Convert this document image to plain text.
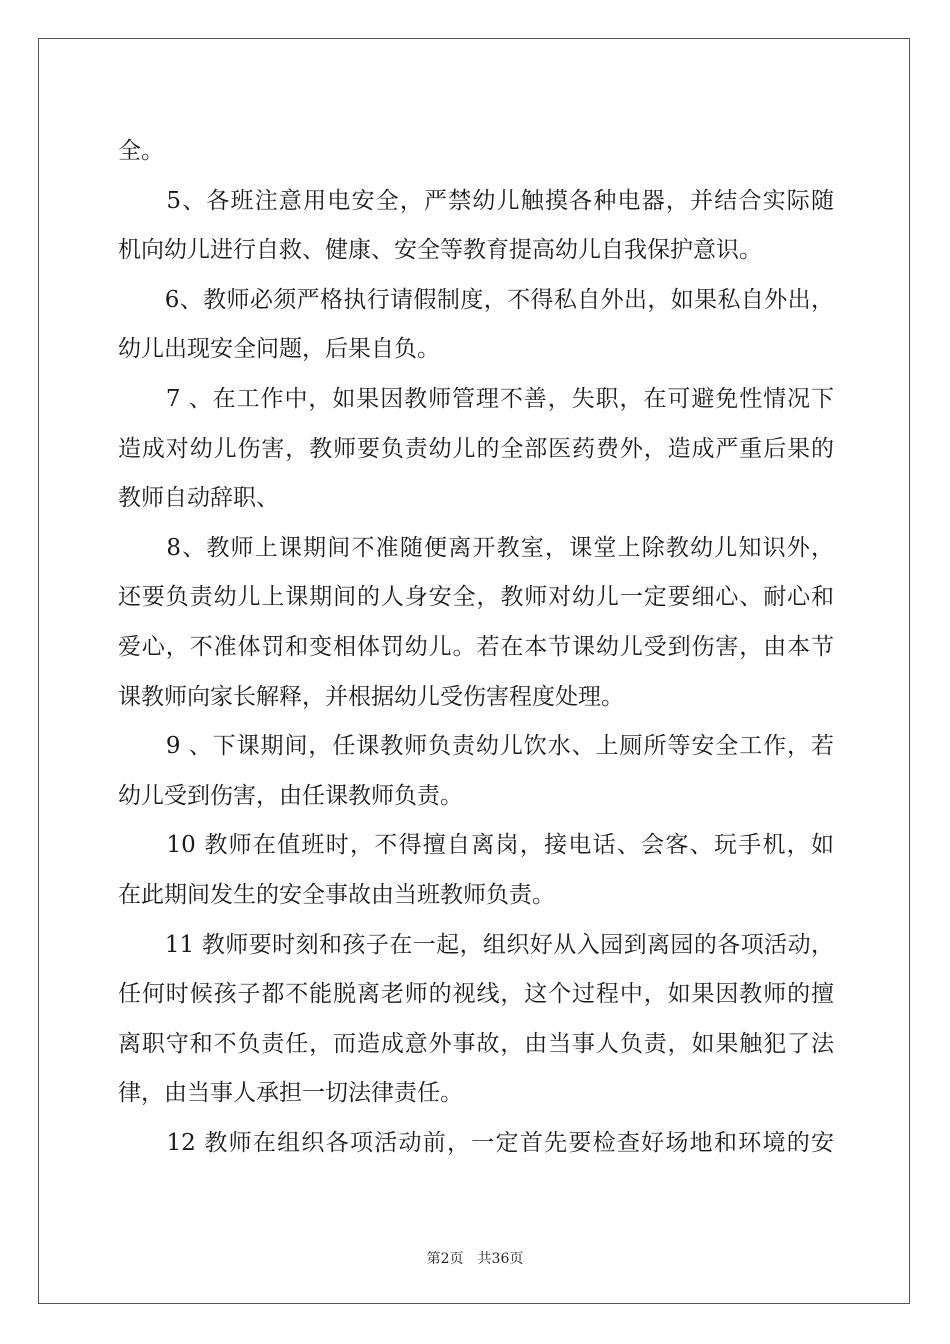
全。
　　5、各班注意用电安全，严禁幼儿触摸各种电器，并结合实际随
机向幼儿进行自救、健康、安全等教育提高幼儿自我保护意识。
　　6、教师必须严格执行请假制度，不得私自外出，如果私自外出，
幼儿出现安全问题，后果自负。
　　7 、在工作中，如果因教师管理不善，失职，在可避免性情况下
造成对幼儿伤害，教师要负责幼儿的全部医药费外，造成严重后果的
教师自动辞职、
　　8、教师上课期间不准随便离开教室，课堂上除教幼儿知识外，
还要负责幼儿上课期间的人身安全，教师对幼儿一定要细心、耐心和
爱心，不准体罚和变相体罚幼儿。若在本节课幼儿受到伤害，由本节
课教师向家长解释，并根据幼儿受伤害程度处理。
　　9 、下课期间，任课教师负责幼儿饮水、上厕所等安全工作，若
幼儿受到伤害，由任课教师负责。
　　10 教师在值班时，不得擅自离岗，接电话、会客、玩手机，如
在此期间发生的安全事故由当班教师负责。
　　11 教师要时刻和孩子在一起，组织好从入园到离园的各项活动，
任何时候孩子都不能脱离老师的视线，这个过程中，如果因教师的擅
离职守和不负责任，而造成意外事故，由当事人负责，如果触犯了法
律，由当事人承担一切法律责任。
　　12 教师在组织各项活动前，一定首先要检查好场地和环境的安
第2页 共36页
